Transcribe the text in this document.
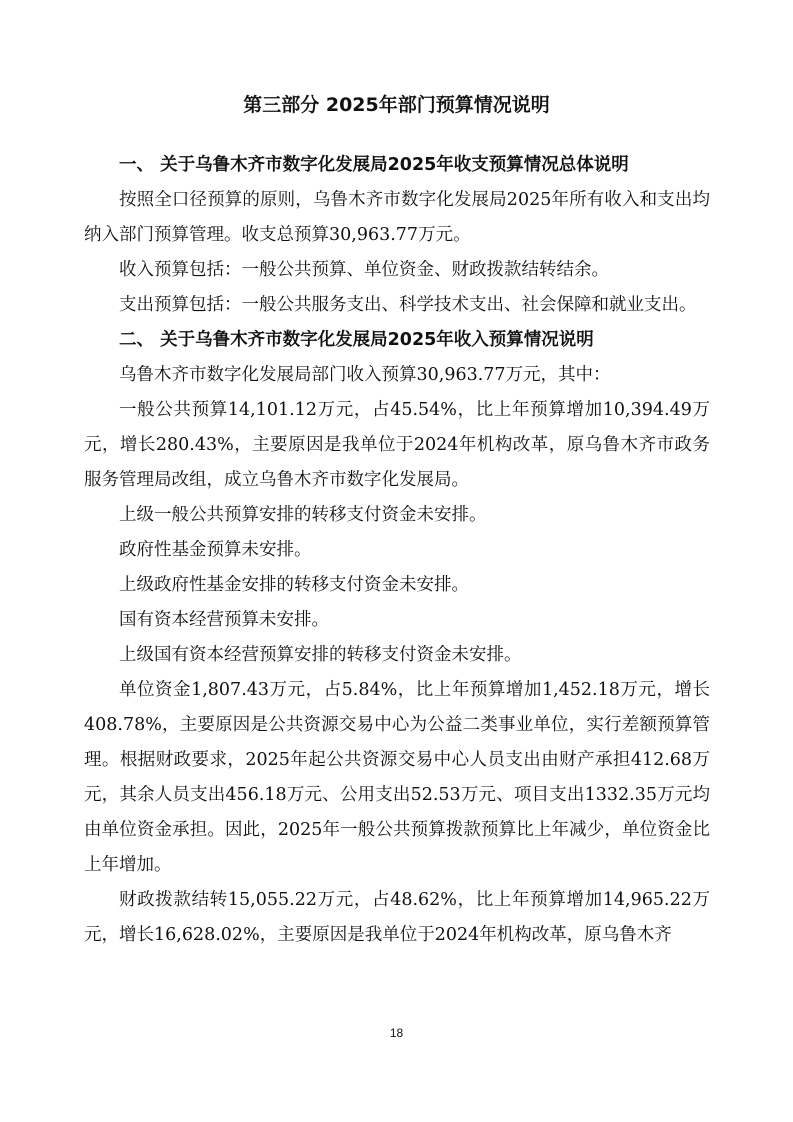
第三部分 2025年部门预算情况说明
一、 关于乌鲁木齐市数字化发展局2025年收支预算情况总体说明

按照全口径预算的原则，乌鲁木齐市数字化发展局2025年所有收入和支出均纳入部门预算管理。收支总预算30,963.77万元。

收入预算包括：一般公共预算、单位资金、财政拨款结转结余。

支出预算包括：一般公共服务支出、科学技术支出、社会保障和就业支出。

二、 关于乌鲁木齐市数字化发展局2025年收入预算情况说明

乌鲁木齐市数字化发展局部门收入预算30,963.77万元，其中：

一般公共预算14,101.12万元，占45.54%，比上年预算增加10,394.49万元，增长280.43%，主要原因是我单位于2024年机构改革，原乌鲁木齐市政务服务管理局改组，成立乌鲁木齐市数字化发展局。

上级一般公共预算安排的转移支付资金未安排。

政府性基金预算未安排。

上级政府性基金安排的转移支付资金未安排。

国有资本经营预算未安排。

上级国有资本经营预算安排的转移支付资金未安排。

单位资金1,807.43万元，占5.84%，比上年预算增加1,452.18万元，增长408.78%，主要原因是公共资源交易中心为公益二类事业单位，实行差额预算管理。根据财政要求，2025年起公共资源交易中心人员支出由财产承担412.68万元，其余人员支出456.18万元、公用支出52.53万元、项目支出1332.35万元均由单位资金承担。因此，2025年一般公共预算拨款预算比上年减少，单位资金比上年增加。

财政拨款结转15,055.22万元，占48.62%，比上年预算增加14,965.22万元，增长16,628.02%，主要原因是我单位于2024年机构改革，原乌鲁木齐

18
